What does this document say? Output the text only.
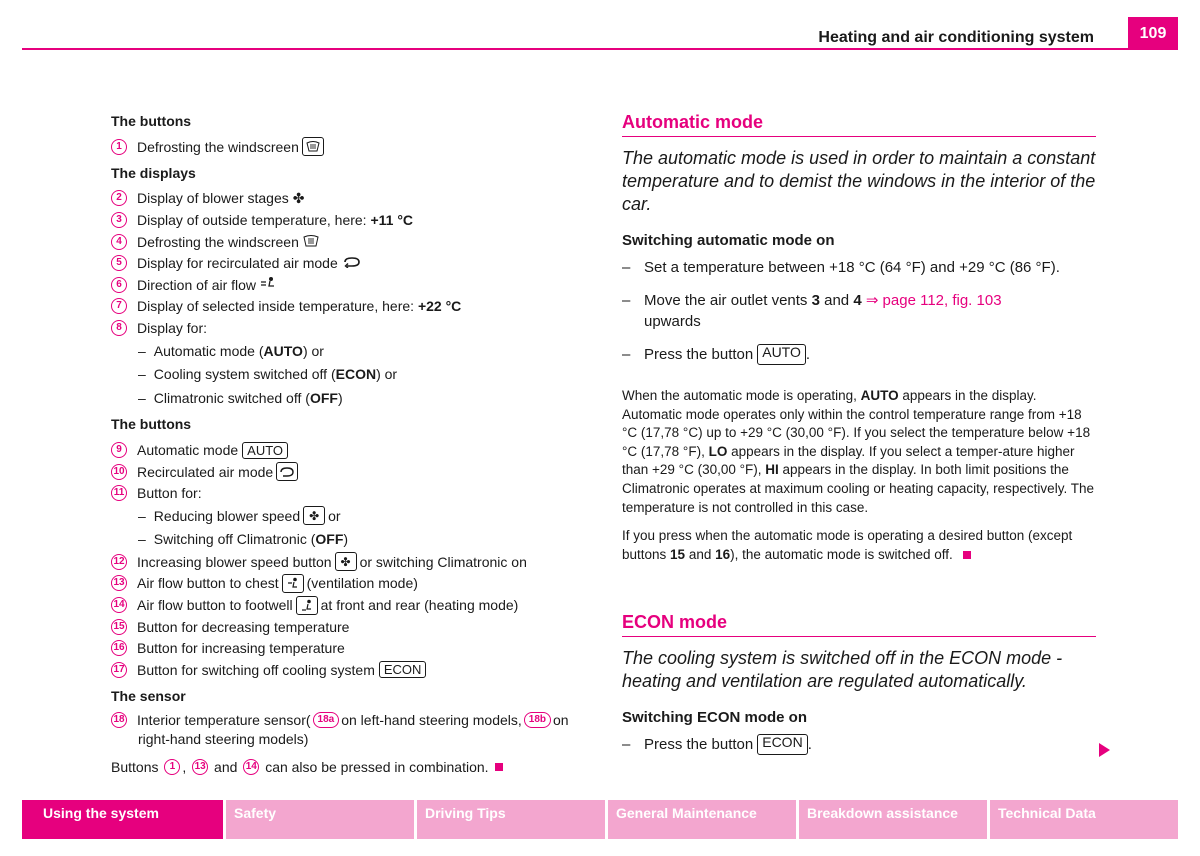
Heating and air conditioning system	109
The buttons
1	Defrosting the windscreen
The displays
2	Display of blower stages ✤
3	Display of outside temperature, here: +11 °C
4	Defrosting the windscreen
5	Display for recirculated air mode
6	Direction of air flow
7	Display of selected inside temperature, here: +22 °C
8	Display for:
– Automatic mode ( AUTO ) or
– Cooling system switched off ( ECON ) or
– Climatronic switched off ( OFF )
The buttons
9	Automatic mode AUTO
10 Recirculated air mode
11 Button for:
– Reducing blower speed ✤ or
– Switching off Climatronic ( OFF )
12 Increasing blower speed button ✤ or switching Climatronic on
13 Air flow button to chest (ventilation mode)
14 Air flow button to footwell at front and rear (heating mode)
15 Button for decreasing temperature
16 Button for increasing temperature
17 Button for switching off cooling system ECON
The sensor
18 Interior temperature sensor( 18a on left-hand steering models, 18b on
right-hand steering models)
Buttons
	1 ,
13
and
14
can also be pressed in combination.
Automatic mode
The automatic mode is used in order to maintain a constant temperature and to demist the windows in the interior of the car.
Switching automatic mode on
– Set a temperature between +18 °C (64 °F) and +29 °C (86 °F).
– Move the air outlet vents 3 and 4 ⇒ page 112, fig. 103
upwards
– Press the button AUTO .
When the automatic mode is operating, AUTO appears in the display. Automatic mode operates only within the control temperature range from +18 °C (17,78 °C) up to +29 °C (30,00 °F). If you select the temperature below +18 °C (17,78 °F), LO appears in the display. If you select a temper-ature higher than +29 °C (30,00 °F), HI appears in the display. In both limit positions the Climatronic operates at maximum cooling or heating capacity, respectively. The temperature is not controlled in this case.
If you press when the automatic mode is operating a desired button (except buttons 15 and 16), the automatic mode is switched off.
ECON mode
The cooling system is switched off in the ECON mode - heating and ventilation are regulated automatically.
Switching ECON mode on
– Press the button ECON .
Using the system	Safety	Driving Tips	General Maintenance	Breakdown assistance	Technical Data
